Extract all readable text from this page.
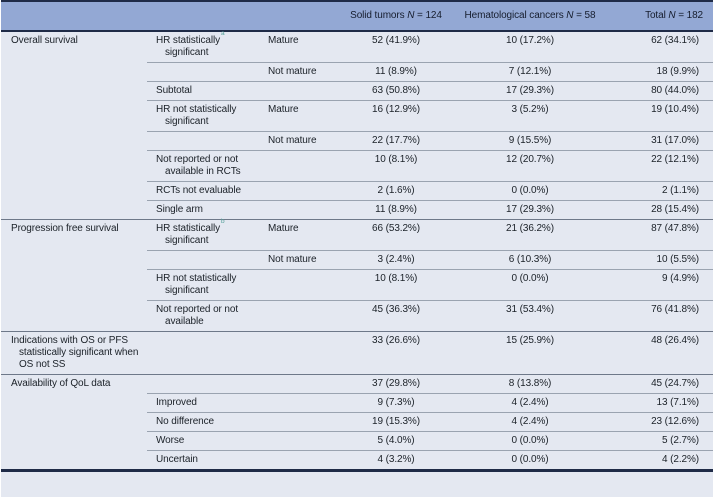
			Solid tumors N = 124	Hematological cancers N = 58	Total N = 182
Overall survival	HR statistically$^a$ significant	Mature	52 (41.9%)	10 (17.2%)	62 (34.1%)
		Not mature	11 (8.9%)	7 (12.1%)	18 (9.9%)
	Subtotal		63 (50.8%)	17 (29.3%)	80 (44.0%)
	HR not statistically significant	Mature	16 (12.9%)	3 (5.2%)	19 (10.4%)
		Not mature	22 (17.7%)	9 (15.5%)	31 (17.0%)
	Not reported or not available in RCTs		10 (8.1%)	12 (20.7%)	22 (12.1%)
	RCTs not evaluable		2 (1.6%)	0 (0.0%)	2 (1.1%)
	Single arm		11 (8.9%)	17 (29.3%)	28 (15.4%)
Progression free survival	HR statistically$^b$ significant	Mature	66 (53.2%)	21 (36.2%)	87 (47.8%)
		Not mature	3 (2.4%)	6 (10.3%)	10 (5.5%)
	HR not statistically significant		10 (8.1%)	0 (0.0%)	9 (4.9%)
	Not reported or not available		45 (36.3%)	31 (53.4%)	76 (41.8%)
Indications with OS or PFS statistically significant when OS not SS			33 (26.6%)	15 (25.9%)	48 (26.4%)
Availability of QoL data			37 (29.8%)	8 (13.8%)	45 (24.7%)
	Improved		9 (7.3%)	4 (2.4%)	13 (7.1%)
	No difference		19 (15.3%)	4 (2.4%)	23 (12.6%)
	Worse		5 (4.0%)	0 (0.0%)	5 (2.7%)
	Uncertain		4 (3.2%)	0 (0.0%)	4 (2.2%)
